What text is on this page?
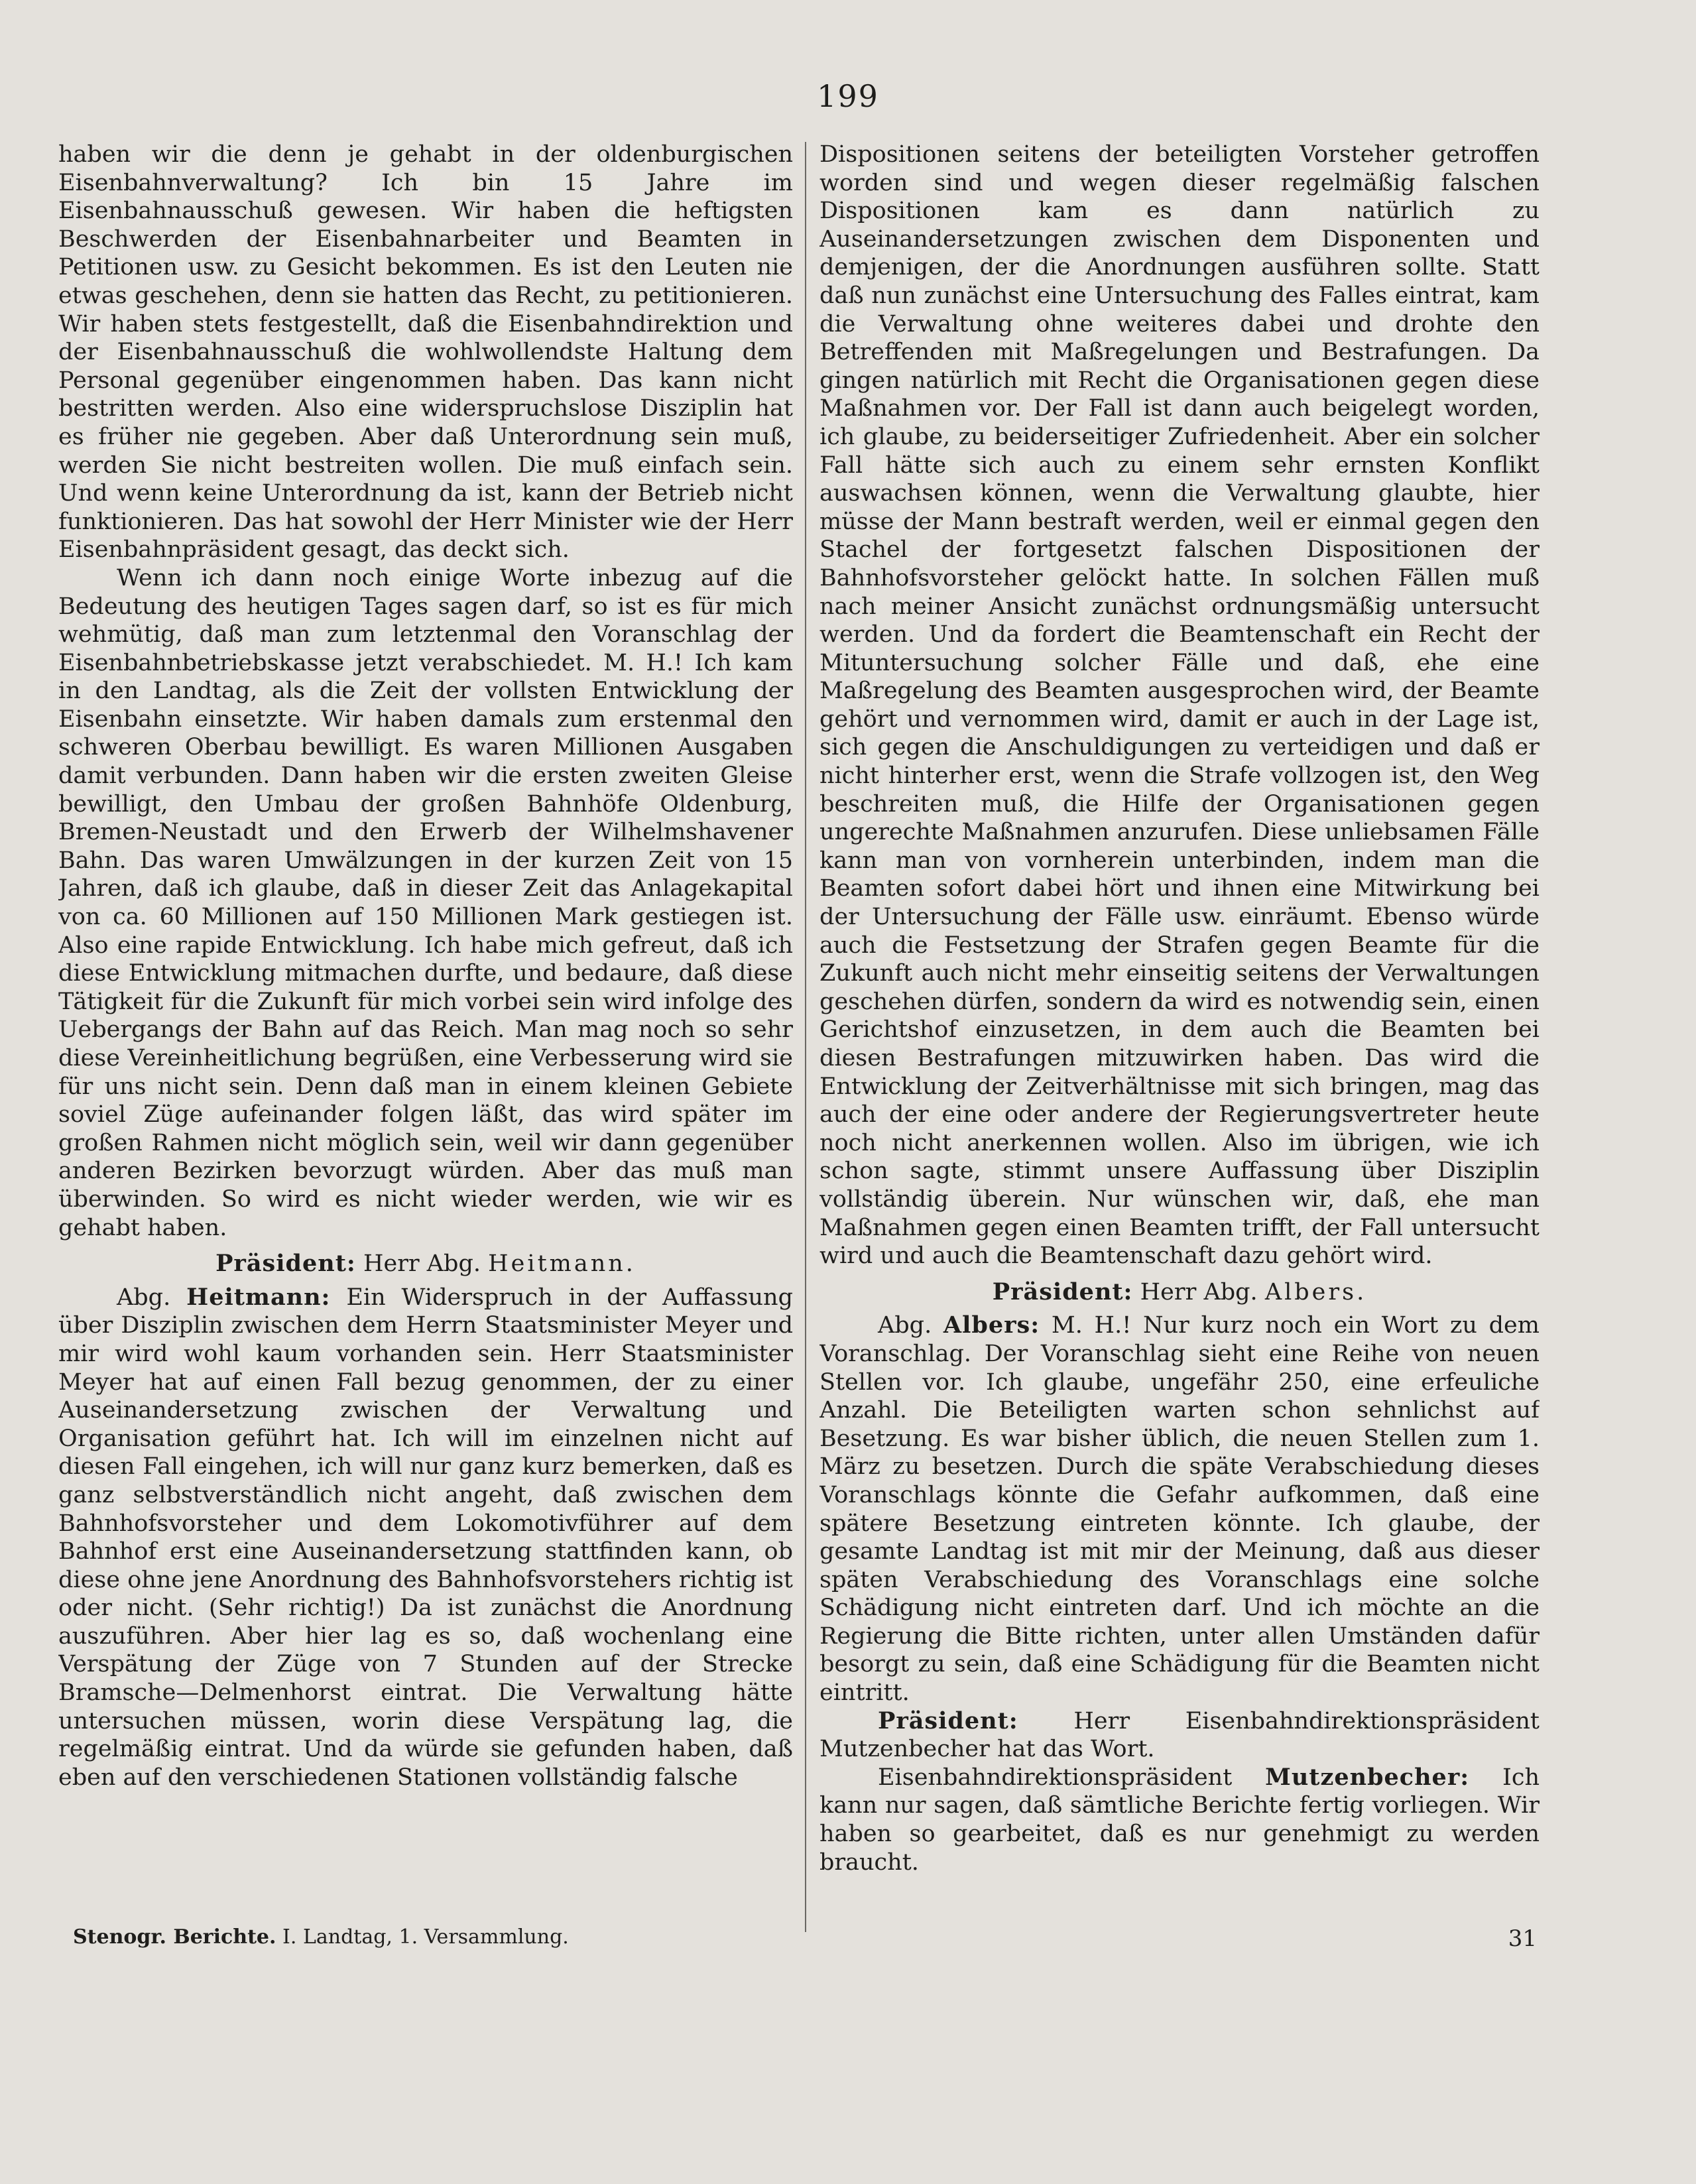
199

haben wir die denn je gehabt in der oldenburgischen Eisenbahnverwaltung? Ich bin 15 Jahre im Eisenbahnausschuß gewesen. Wir haben die heftigsten Beschwerden der Eisenbahnarbeiter und Beamten in Petitionen usw. zu Gesicht bekommen. Es ist den Leuten nie etwas geschehen, denn sie hatten das Recht, zu petitionieren. Wir haben stets festgestellt, daß die Eisenbahndirektion und der Eisenbahnausschuß die wohlwollendste Haltung dem Personal gegenüber eingenommen haben. Das kann nicht bestritten werden. Also eine widerspruchslose Disziplin hat es früher nie gegeben. Aber daß Unterordnung sein muß, werden Sie nicht bestreiten wollen. Die muß einfach sein. Und wenn keine Unterordnung da ist, kann der Betrieb nicht funktionieren. Das hat sowohl der Herr Minister wie der Herr Eisenbahnpräsident gesagt, das deckt sich.

Wenn ich dann noch einige Worte inbezug auf die Bedeutung des heutigen Tages sagen darf, so ist es für mich wehmütig, daß man zum letztenmal den Voranschlag der Eisenbahnbetriebskasse jetzt verabschiedet. M. H.! Ich kam in den Landtag, als die Zeit der vollsten Entwicklung der Eisenbahn einsetzte. Wir haben damals zum erstenmal den schweren Oberbau bewilligt. Es waren Millionen Ausgaben damit verbunden. Dann haben wir die ersten zweiten Gleise bewilligt, den Umbau der großen Bahnhöfe Oldenburg, Bremen-Neustadt und den Erwerb der Wilhelmshavener Bahn. Das waren Umwälzungen in der kurzen Zeit von 15 Jahren, daß ich glaube, daß in dieser Zeit das Anlagekapital von ca. 60 Millionen auf 150 Millionen Mark gestiegen ist. Also eine rapide Entwicklung. Ich habe mich gefreut, daß ich diese Entwicklung mitmachen durfte, und bedaure, daß diese Tätigkeit für die Zukunft für mich vorbei sein wird infolge des Uebergangs der Bahn auf das Reich. Man mag noch so sehr diese Vereinheitlichung begrüßen, eine Verbesserung wird sie für uns nicht sein. Denn daß man in einem kleinen Gebiete soviel Züge aufeinander folgen läßt, das wird später im großen Rahmen nicht möglich sein, weil wir dann gegenüber anderen Bezirken bevorzugt würden. Aber das muß man überwinden. So wird es nicht wieder werden, wie wir es gehabt haben.

Präsident: Herr Abg. Heitmann.

Abg. Heitmann: Ein Widerspruch in der Auffassung über Disziplin zwischen dem Herrn Staatsminister Meyer und mir wird wohl kaum vorhanden sein. Herr Staatsminister Meyer hat auf einen Fall bezug genommen, der zu einer Auseinandersetzung zwischen der Verwaltung und Organisation geführt hat. Ich will im einzelnen nicht auf diesen Fall eingehen, ich will nur ganz kurz bemerken, daß es ganz selbstverständlich nicht angeht, daß zwischen dem Bahnhofsvorsteher und dem Lokomotivführer auf dem Bahnhof erst eine Auseinandersetzung stattfinden kann, ob diese ohne jene Anordnung des Bahnhofsvorstehers richtig ist oder nicht. (Sehr richtig!) Da ist zunächst die Anordnung auszuführen. Aber hier lag es so, daß wochenlang eine Verspätung der Züge von 7 Stunden auf der Strecke Bramsche—Delmenhorst eintrat. Die Verwaltung hätte untersuchen müssen, worin diese Verspätung lag, die regelmäßig eintrat. Und da würde sie gefunden haben, daß eben auf den verschiedenen Stationen vollständig falsche

Dispositionen seitens der beteiligten Vorsteher getroffen worden sind und wegen dieser regelmäßig falschen Dispositionen kam es dann natürlich zu Auseinandersetzungen zwischen dem Disponenten und demjenigen, der die Anordnungen ausführen sollte. Statt daß nun zunächst eine Untersuchung des Falles eintrat, kam die Verwaltung ohne weiteres dabei und drohte den Betreffenden mit Maßregelungen und Bestrafungen. Da gingen natürlich mit Recht die Organisationen gegen diese Maßnahmen vor. Der Fall ist dann auch beigelegt worden, ich glaube, zu beiderseitiger Zufriedenheit. Aber ein solcher Fall hätte sich auch zu einem sehr ernsten Konflikt auswachsen können, wenn die Verwaltung glaubte, hier müsse der Mann bestraft werden, weil er einmal gegen den Stachel der fortgesetzt falschen Dispositionen der Bahnhofsvorsteher gelöckt hatte. In solchen Fällen muß nach meiner Ansicht zunächst ordnungsmäßig untersucht werden. Und da fordert die Beamtenschaft ein Recht der Mituntersuchung solcher Fälle und daß, ehe eine Maßregelung des Beamten ausgesprochen wird, der Beamte gehört und vernommen wird, damit er auch in der Lage ist, sich gegen die Anschuldigungen zu verteidigen und daß er nicht hinterher erst, wenn die Strafe vollzogen ist, den Weg beschreiten muß, die Hilfe der Organisationen gegen ungerechte Maßnahmen anzurufen. Diese unliebsamen Fälle kann man von vornherein unterbinden, indem man die Beamten sofort dabei hört und ihnen eine Mitwirkung bei der Untersuchung der Fälle usw. einräumt. Ebenso würde auch die Festsetzung der Strafen gegen Beamte für die Zukunft auch nicht mehr einseitig seitens der Verwaltungen geschehen dürfen, sondern da wird es notwendig sein, einen Gerichtshof einzusetzen, in dem auch die Beamten bei diesen Bestrafungen mitzuwirken haben. Das wird die Entwicklung der Zeitverhältnisse mit sich bringen, mag das auch der eine oder andere der Regierungsvertreter heute noch nicht anerkennen wollen. Also im übrigen, wie ich schon sagte, stimmt unsere Auffassung über Disziplin vollständig überein. Nur wünschen wir, daß, ehe man Maßnahmen gegen einen Beamten trifft, der Fall untersucht wird und auch die Beamtenschaft dazu gehört wird.

Präsident: Herr Abg. Albers.

Abg. Albers: M. H.! Nur kurz noch ein Wort zu dem Voranschlag. Der Voranschlag sieht eine Reihe von neuen Stellen vor. Ich glaube, ungefähr 250, eine erfeuliche Anzahl. Die Beteiligten warten schon sehnlichst auf Besetzung. Es war bisher üblich, die neuen Stellen zum 1. März zu besetzen. Durch die späte Verabschiedung dieses Voranschlags könnte die Gefahr aufkommen, daß eine spätere Besetzung eintreten könnte. Ich glaube, der gesamte Landtag ist mit mir der Meinung, daß aus dieser späten Verabschiedung des Voranschlags eine solche Schädigung nicht eintreten darf. Und ich möchte an die Regierung die Bitte richten, unter allen Umständen dafür besorgt zu sein, daß eine Schädigung für die Beamten nicht eintritt.

Präsident: Herr Eisenbahndirektionspräsident Mutzenbecher hat das Wort.

Eisenbahndirektionspräsident Mutzenbecher: Ich kann nur sagen, daß sämtliche Berichte fertig vorliegen. Wir haben so gearbeitet, daß es nur genehmigt zu werden braucht.

Stenogr. Berichte. I. Landtag, 1. Versammlung.	31
